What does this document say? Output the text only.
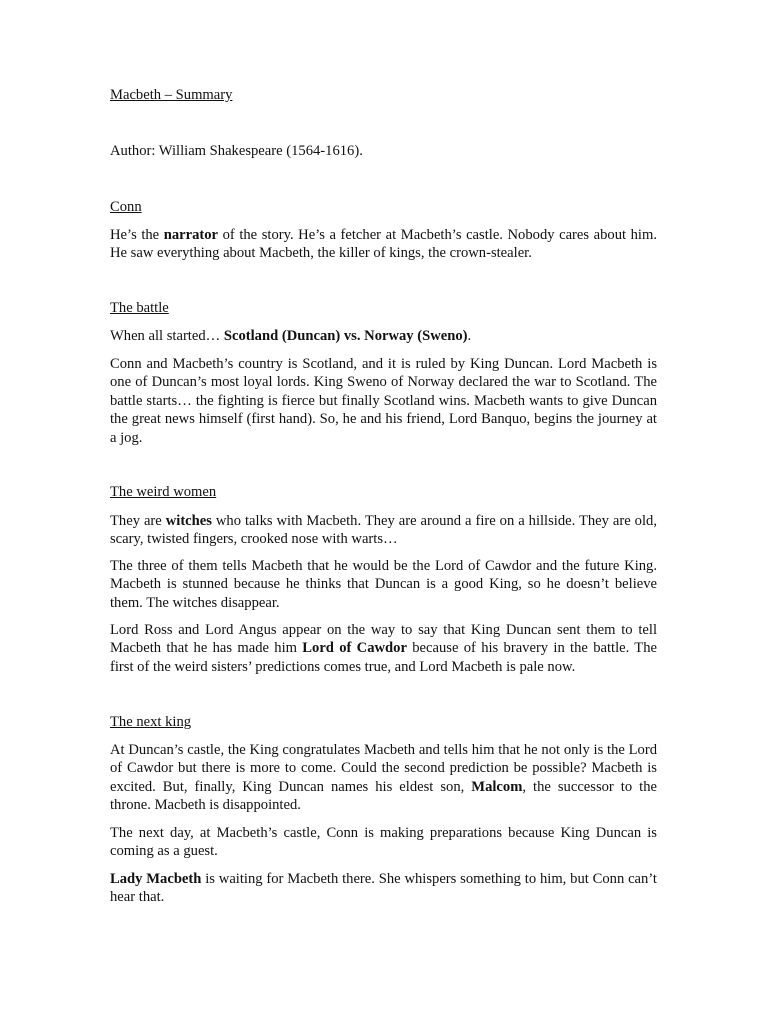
Macbeth – Summary
Author: William Shakespeare (1564-1616).
Conn

He’s the narrator of the story. He’s a fetcher at Macbeth’s castle. Nobody cares about him. He saw everything about Macbeth, the killer of kings, the crown-stealer.

The battle

When all started… Scotland (Duncan) vs. Norway (Sweno).

Conn and Macbeth’s country is Scotland, and it is ruled by King Duncan. Lord Macbeth is one of Duncan’s most loyal lords. King Sweno of Norway declared the war to Scotland. The battle starts… the fighting is fierce but finally Scotland wins. Macbeth wants to give Duncan the great news himself (first hand). So, he and his friend, Lord Banquo, begins the journey at a jog.

The weird women

They are witches who talks with Macbeth. They are around a fire on a hillside. They are old, scary, twisted fingers, crooked nose with warts…

The three of them tells Macbeth that he would be the Lord of Cawdor and the future King. Macbeth is stunned because he thinks that Duncan is a good King, so he doesn’t believe them. The witches disappear.

Lord Ross and Lord Angus appear on the way to say that King Duncan sent them to tell Macbeth that he has made him Lord of Cawdor because of his bravery in the battle. The first of the weird sisters’ predictions comes true, and Lord Macbeth is pale now.

The next king

At Duncan’s castle, the King congratulates Macbeth and tells him that he not only is the Lord of Cawdor but there is more to come. Could the second prediction be possible? Macbeth is excited. But, finally, King Duncan names his eldest son, Malcom, the successor to the throne. Macbeth is disappointed.

The next day, at Macbeth’s castle, Conn is making preparations because King Duncan is coming as a guest.

Lady Macbeth is waiting for Macbeth there. She whispers something to him, but Conn can’t hear that.
